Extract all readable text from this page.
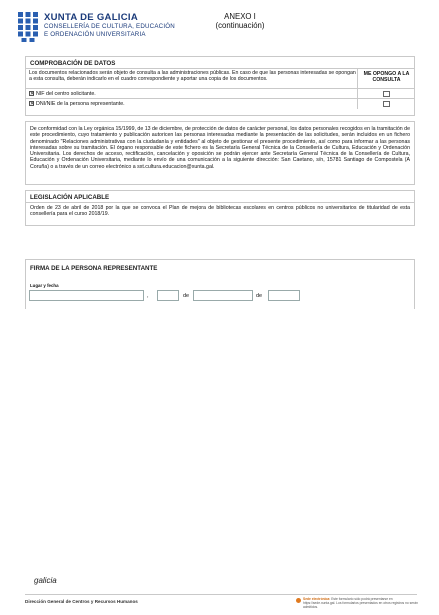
XUNTA DE GALICIA
CONSELLERÍA DE CULTURA, EDUCACIÓN
E ORDENACIÓN UNIVERSITARIA
ANEXO I
(continuación)
COMPROBACIÓN DE DATOS
Los documentos relacionados serán objeto de consulta a las administraciones públicas. En caso de que las personas interesadas se opongan a esta consulta, deberán indicarlo en el cuadro correspondiente y aportar una copia de los documentos.
ME OPONGO A LA CONSULTA
✕ NIF del centro solicitante.
✕ DNI/NIE de la persona representante.

De conformidad con la Ley orgánica 15/1999, de 13 de diciembre, de protección de datos de carácter personal, los datos personales recogidos en la tramitación de este procedimiento, cuyo tratamiento y publicación autoricen las personas interesadas mediante la presentación de las solicitudes, serán incluidos en un fichero denominado "Relaciones administrativas con la ciudadanía y entidades" al objeto de gestionar el presente procedimiento, así como para informar a las personas interesadas sobre su tramitación. El órgano responsable de este fichero es la Secretaría General Técnica de la Consellería de Cultura, Educación y Ordenación Universitaria. Los derechos de acceso, rectificación, cancelación y oposición se podrán ejercer ante Secretaría General Técnica de la Consellería de Cultura, Educación y Ordenación Universitaria, mediante lo envío de una comunicación a la siguiente dirección: San Caetano, s/n, 15781 Santiago de Compostela (A Coruña) o a través de un correo electrónico a sxt.cultura.educacion@xunta.gal.

LEGISLACIÓN APLICABLE

Orden de 23 de abril de 2018 por la que se convoca el Plan de mejora de bibliotecas escolares en centros públicos no universitarios de titularidad de esta consellería para el curso 2018/19.

FIRMA DE LA PERSONA REPRESENTANTE
Lugar y fecha
,	de	de
galicia
Dirección General de Centros y Recursos Humanos	Sede electrónica: Este formulario sólo podrá presentarse en https://sede.xunta.gal. Los formularios presentados en otros registros no serán admitidos.
